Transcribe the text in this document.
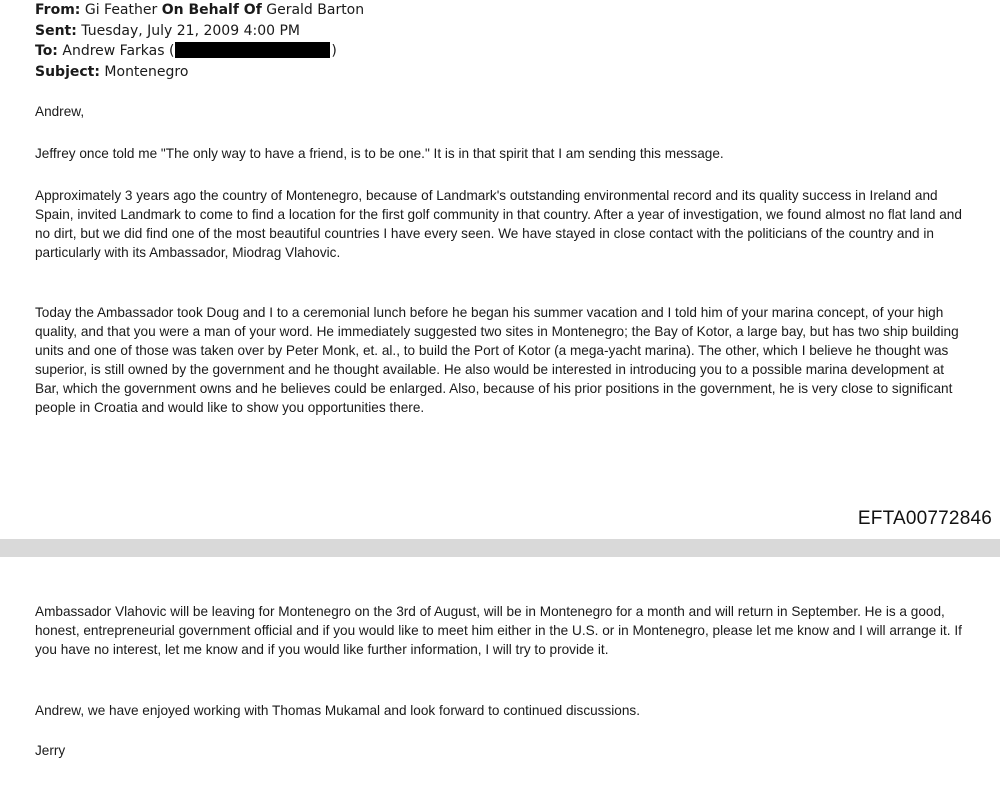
From: Gi Feather On Behalf Of Gerald Barton
Sent: Tuesday, July 21, 2009 4:00 PM
To: Andrew Farkas (	)
Subject: Montenegro

Andrew,

Jeffrey once told me "The only way to have a friend, is to be one." It is in that spirit that I am sending this message.

Approximately 3 years ago the country of Montenegro, because of Landmark's outstanding environmental record and its quality success in Ireland and Spain, invited Landmark to come to find a location for the first golf community in that country. After a year of investigation, we found almost no flat land and no dirt, but we did find one of the most beautiful countries I have every seen. We have stayed in close contact with the politicians of the country and in particularly with its Ambassador, Miodrag Vlahovic.

Today the Ambassador took Doug and I to a ceremonial lunch before he began his summer vacation and I told him of your marina concept, of your high quality, and that you were a man of your word. He immediately suggested two sites in Montenegro; the Bay of Kotor, a large bay, but has two ship building units and one of those was taken over by Peter Monk, et. al., to build the Port of Kotor (a mega-yacht marina). The other, which I believe he thought was superior, is still owned by the government and he thought available. He also would be interested in introducing you to a possible marina development at Bar, which the government owns and he believes could be enlarged. Also, because of his prior positions in the government, he is very close to significant people in Croatia and would like to show you opportunities there.

EFTA00772846

Ambassador Vlahovic will be leaving for Montenegro on the 3rd of August, will be in Montenegro for a month and will return in September. He is a good, honest, entrepreneurial government official and if you would like to meet him either in the U.S. or in Montenegro, please let me know and I will arrange it. If you have no interest, let me know and if you would like further information, I will try to provide it.

Andrew, we have enjoyed working with Thomas Mukamal and look forward to continued discussions.

Jerry
